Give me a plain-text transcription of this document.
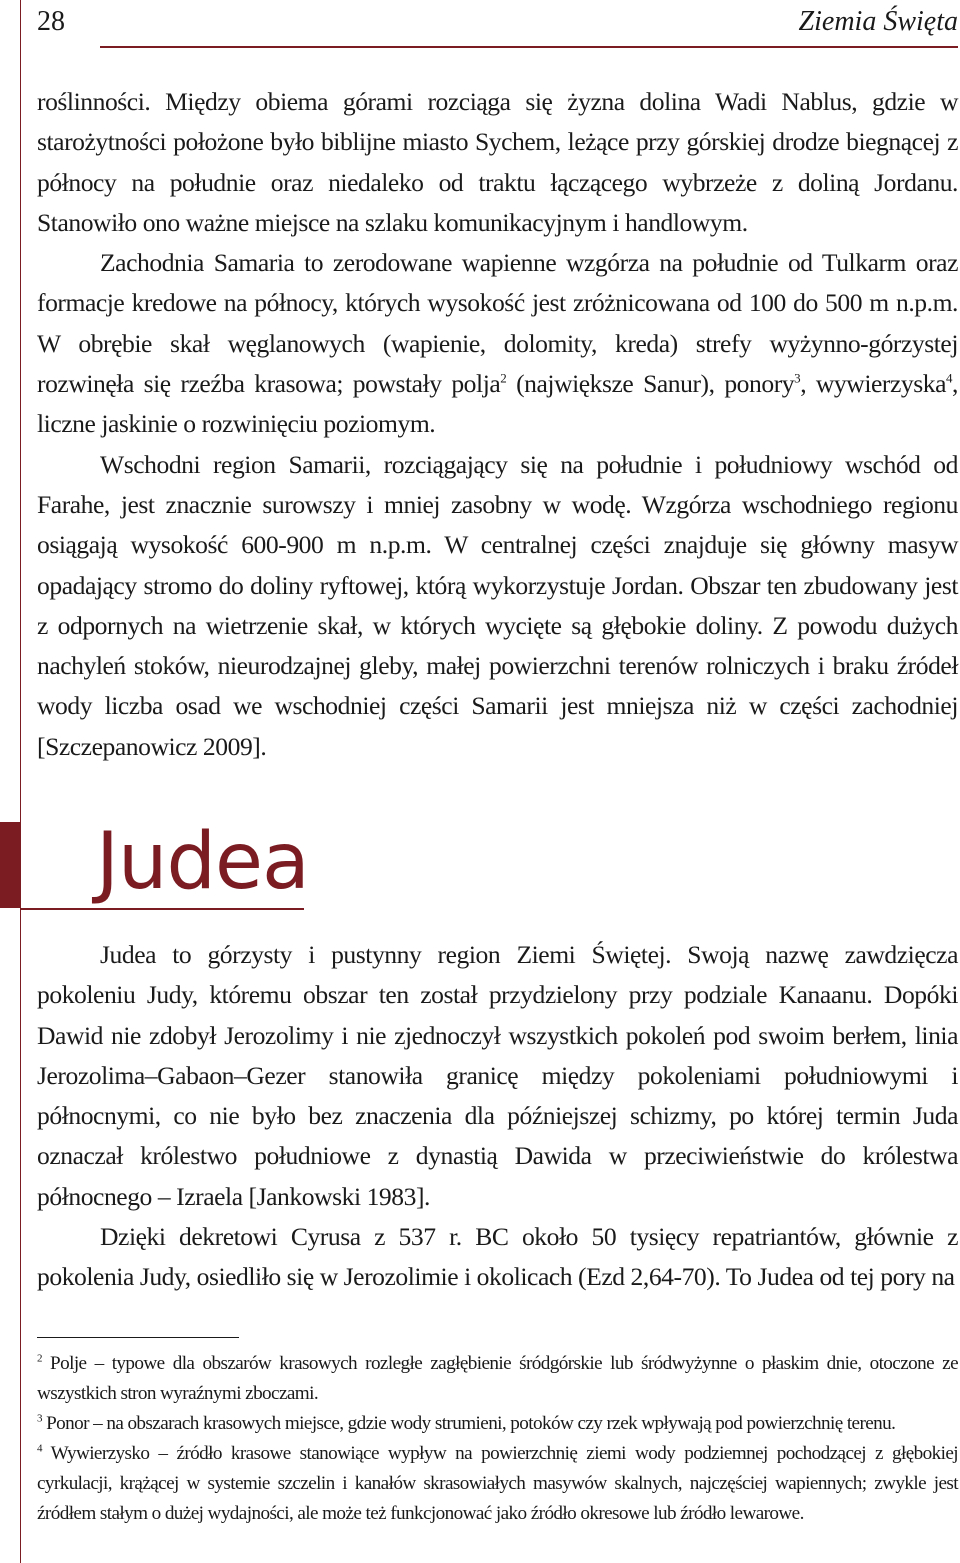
28	Ziemia Święta

roślinności. Między obiema górami rozciąga się żyzna dolina Wadi Nablus, gdzie w starożytności położone było biblijne miasto Sychem, leżące przy górskiej drodze biegnącej z północy na południe oraz niedaleko od traktu łączącego wybrzeże z doliną Jordanu. Stanowiło ono ważne miejsce na szlaku komunikacyjnym i handlowym.

Zachodnia Samaria to zerodowane wapienne wzgórza na południe od Tulkarm oraz formacje kredowe na północy, których wysokość jest zróżnicowana od 100 do 500 m n.p.m. W obrębie skał węglanowych (wapienie, dolomity, kreda) strefy wyżynno-górzystej rozwinęła się rzeźba krasowa; powstały polja$^2$ (największe Sanur), ponory$^3$, wywierzyska$^4$, liczne jaskinie o rozwinięciu poziomym.

Wschodni region Samarii, rozciągający się na południe i południowy wschód od Farahe, jest znacznie surowszy i mniej zasobny w wodę. Wzgórza wschodniego regionu osiągają wysokość 600-900 m n.p.m. W centralnej części znajduje się główny masyw opadający stromo do doliny ryftowej, którą wykorzystuje Jordan. Obszar ten zbudowany jest z odpornych na wietrzenie skał, w których wycięte są głębokie doliny. Z powodu dużych nachyleń stoków, nieurodzajnej gleby, małej powierzchni terenów rolniczych i braku źródeł wody liczba osad we wschodniej części Samarii jest mniejsza niż w części zachodniej [Szczepanowicz 2009].

Judea

Judea to górzysty i pustynny region Ziemi Świętej. Swoją nazwę zawdzięcza pokoleniu Judy, któremu obszar ten został przydzielony przy podziale Kanaanu. Dopóki Dawid nie zdobył Jerozolimy i nie zjednoczył wszystkich pokoleń pod swoim berłem, linia Jerozolima–Gabaon–Gezer stanowiła granicę między pokoleniami południowymi i północnymi, co nie było bez znaczenia dla późniejszej schizmy, po której termin Juda oznaczał królestwo południowe z dynastią Dawida w przeciwieństwie do królestwa północnego – Izraela [Jankowski 1983].

Dzięki dekretowi Cyrusa z 537 r. BC około 50 tysięcy repatriantów, głównie z pokolenia Judy, osiedliło się w Jerozolimie i okolicach (Ezd 2,64-70). To Judea od tej pory na

$^2$ Polje – typowe dla obszarów krasowych rozległe zagłębienie śródgórskie lub śródwyżynne o płaskim dnie, otoczone ze wszystkich stron wyraźnymi zboczami.

$^3$ Ponor – na obszarach krasowych miejsce, gdzie wody strumieni, potoków czy rzek wpływają pod powierzchnię terenu.

$^4$ Wywierzysko – źródło krasowe stanowiące wypływ na powierzchnię ziemi wody podziemnej pochodzącej z głębokiej cyrkulacji, krążącej w systemie szczelin i kanałów skrasowiałych masywów skalnych, najczęściej wapiennych; zwykle jest źródłem stałym o dużej wydajności, ale może też funkcjonować jako źródło okresowe lub źródło lewarowe.
